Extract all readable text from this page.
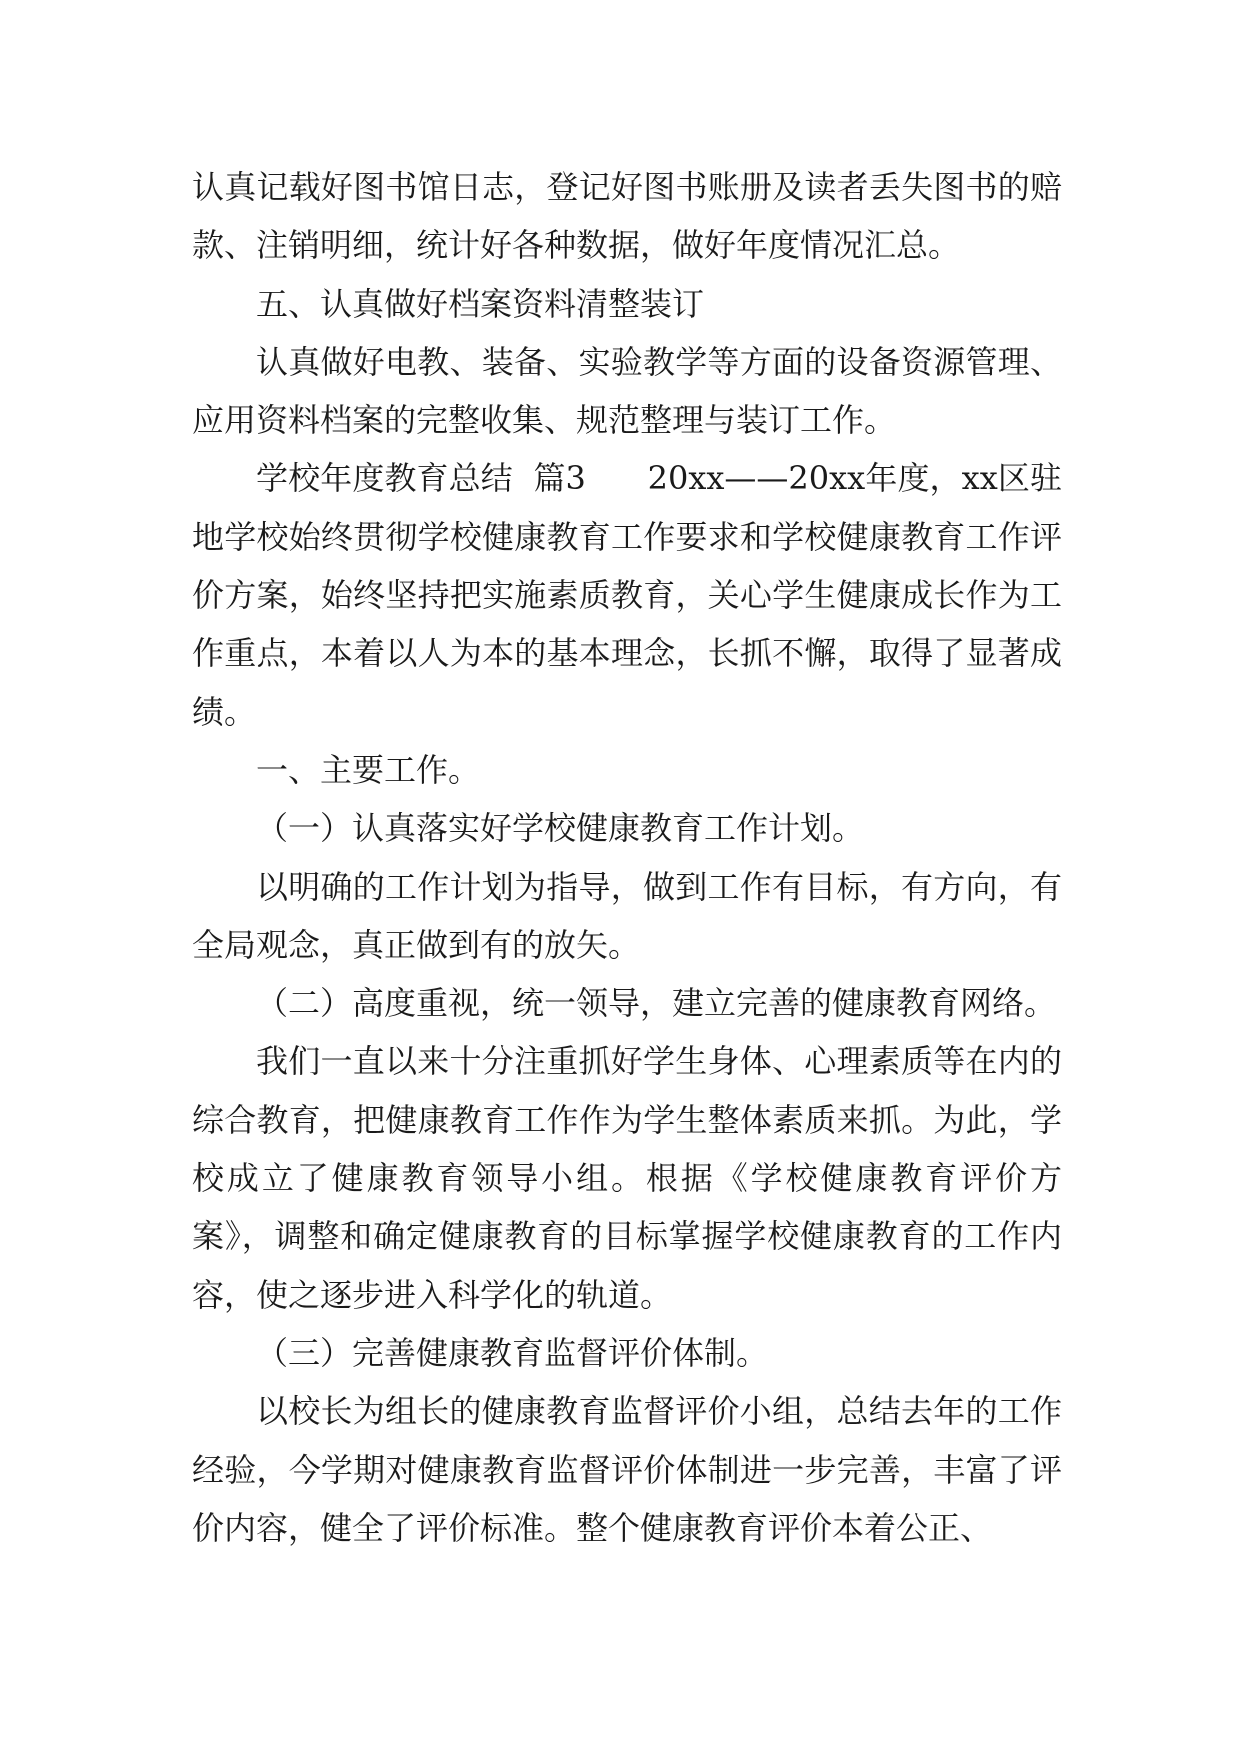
认真记载好图书馆日志，登记好图书账册及读者丢失图书的赔款、注销明细，统计好各种数据，做好年度情况汇总。

五、认真做好档案资料清整装订

认真做好电教、装备、实验教学等方面的设备资源管理、应用资料档案的完整收集、规范整理与装订工作。

学校年度教育总结  篇3      20xx——20xx年度，xx区驻地学校始终贯彻学校健康教育工作要求和学校健康教育工作评价方案，始终坚持把实施素质教育，关心学生健康成长作为工作重点，本着以人为本的基本理念，长抓不懈，取得了显著成绩。

一、主要工作。

（一）认真落实好学校健康教育工作计划。

以明确的工作计划为指导，做到工作有目标，有方向，有全局观念，真正做到有的放矢。

（二）高度重视，统一领导，建立完善的健康教育网络。

我们一直以来十分注重抓好学生身体、心理素质等在内的综合教育，把健康教育工作作为学生整体素质来抓。为此，学校成立了健康教育领导小组。根据《学校健康教育评价方案》，调整和确定健康教育的目标掌握学校健康教育的工作内容，使之逐步进入科学化的轨道。

（三）完善健康教育监督评价体制。

以校长为组长的健康教育监督评价小组，总结去年的工作经验，今学期对健康教育监督评价体制进一步完善，丰富了评价内容，健全了评价标准。整个健康教育评价本着公正、
